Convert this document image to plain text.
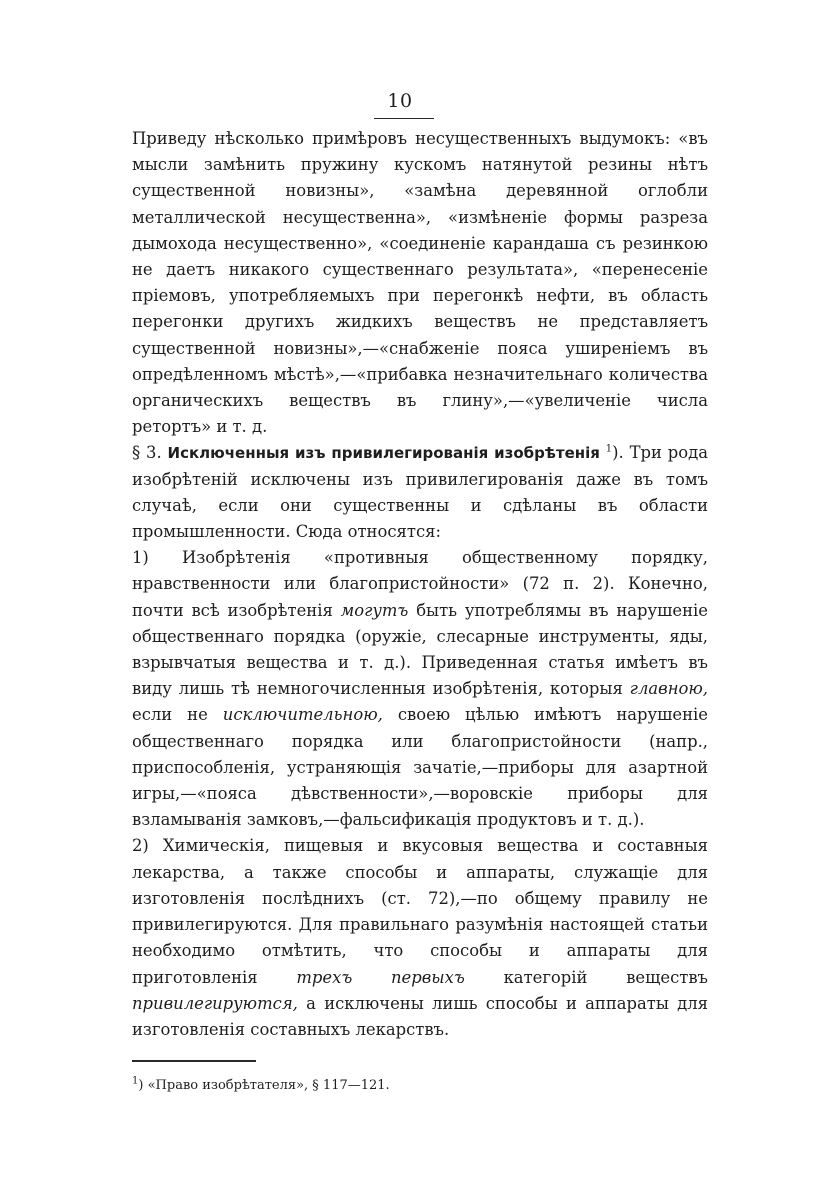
10

Приведу нѣсколько примѣровъ несущественныхъ выдумокъ: «въ мысли замѣнить пружину кускомъ натянутой резины нѣтъ существенной новизны», «замѣна деревянной оглобли металлической несущественна», «измѣненіе формы разреза дымохода несущественно», «соединеніе карандаша съ резинкою не даетъ никакого существеннаго результата», «перенесеніе пріемовъ, употребляемыхъ при перегонкѣ нефти, въ область перегонки другихъ жидкихъ веществъ не представляетъ существенной новизны»,—«снабженіе пояса уширеніемъ въ опредѣленномъ мѣстѣ»,—«прибавка незначительнаго количества органическихъ веществъ въ глину»,—«увеличеніе числа ретортъ» и т. д.

§ 3. Исключенныя изъ привилегированія изобрѣтенія $^1$). Три рода изобрѣтеній исключены изъ привилегированія даже въ томъ случаѣ, если они существенны и сдѣланы въ области промышленности. Сюда относятся:

1) Изобрѣтенія «противныя общественному порядку, нравственности или благопристойности» (72 п. 2). Конечно, почти всѣ изобрѣтенія могутъ быть употреблямы въ нарушеніе общественнаго порядка (оружіе, слесарные инструменты, яды, взрывчатыя вещества и т. д.). Приведенная статья имѣетъ въ виду лишь тѣ немногочисленныя изобрѣтенія, которыя главною, если не исключительною, своею цѣлью имѣютъ нарушеніе общественнаго порядка или благопристойности (напр., приспособленія, устраняющія зачатіе,—приборы для азартной игры,—«пояса дѣвственности»,—воровскіе приборы для взламыванія замковъ,—фальсификація продуктовъ и т. д.).

2) Химическія, пищевыя и вкусовыя вещества и составныя лекарства, а также способы и аппараты, служащіе для изготовленія послѣднихъ (ст. 72),—по общему правилу не привилегируются. Для правильнаго разумѣнія настоящей статьи необходимо отмѣтить, что способы и аппараты для приготовленія трехъ первыхъ категорій веществъ привилегируются, а исключены лишь способы и аппараты для изготовленія составныхъ лекарствъ.

$^1$) «Право изобрѣтателя», § 117—121.
